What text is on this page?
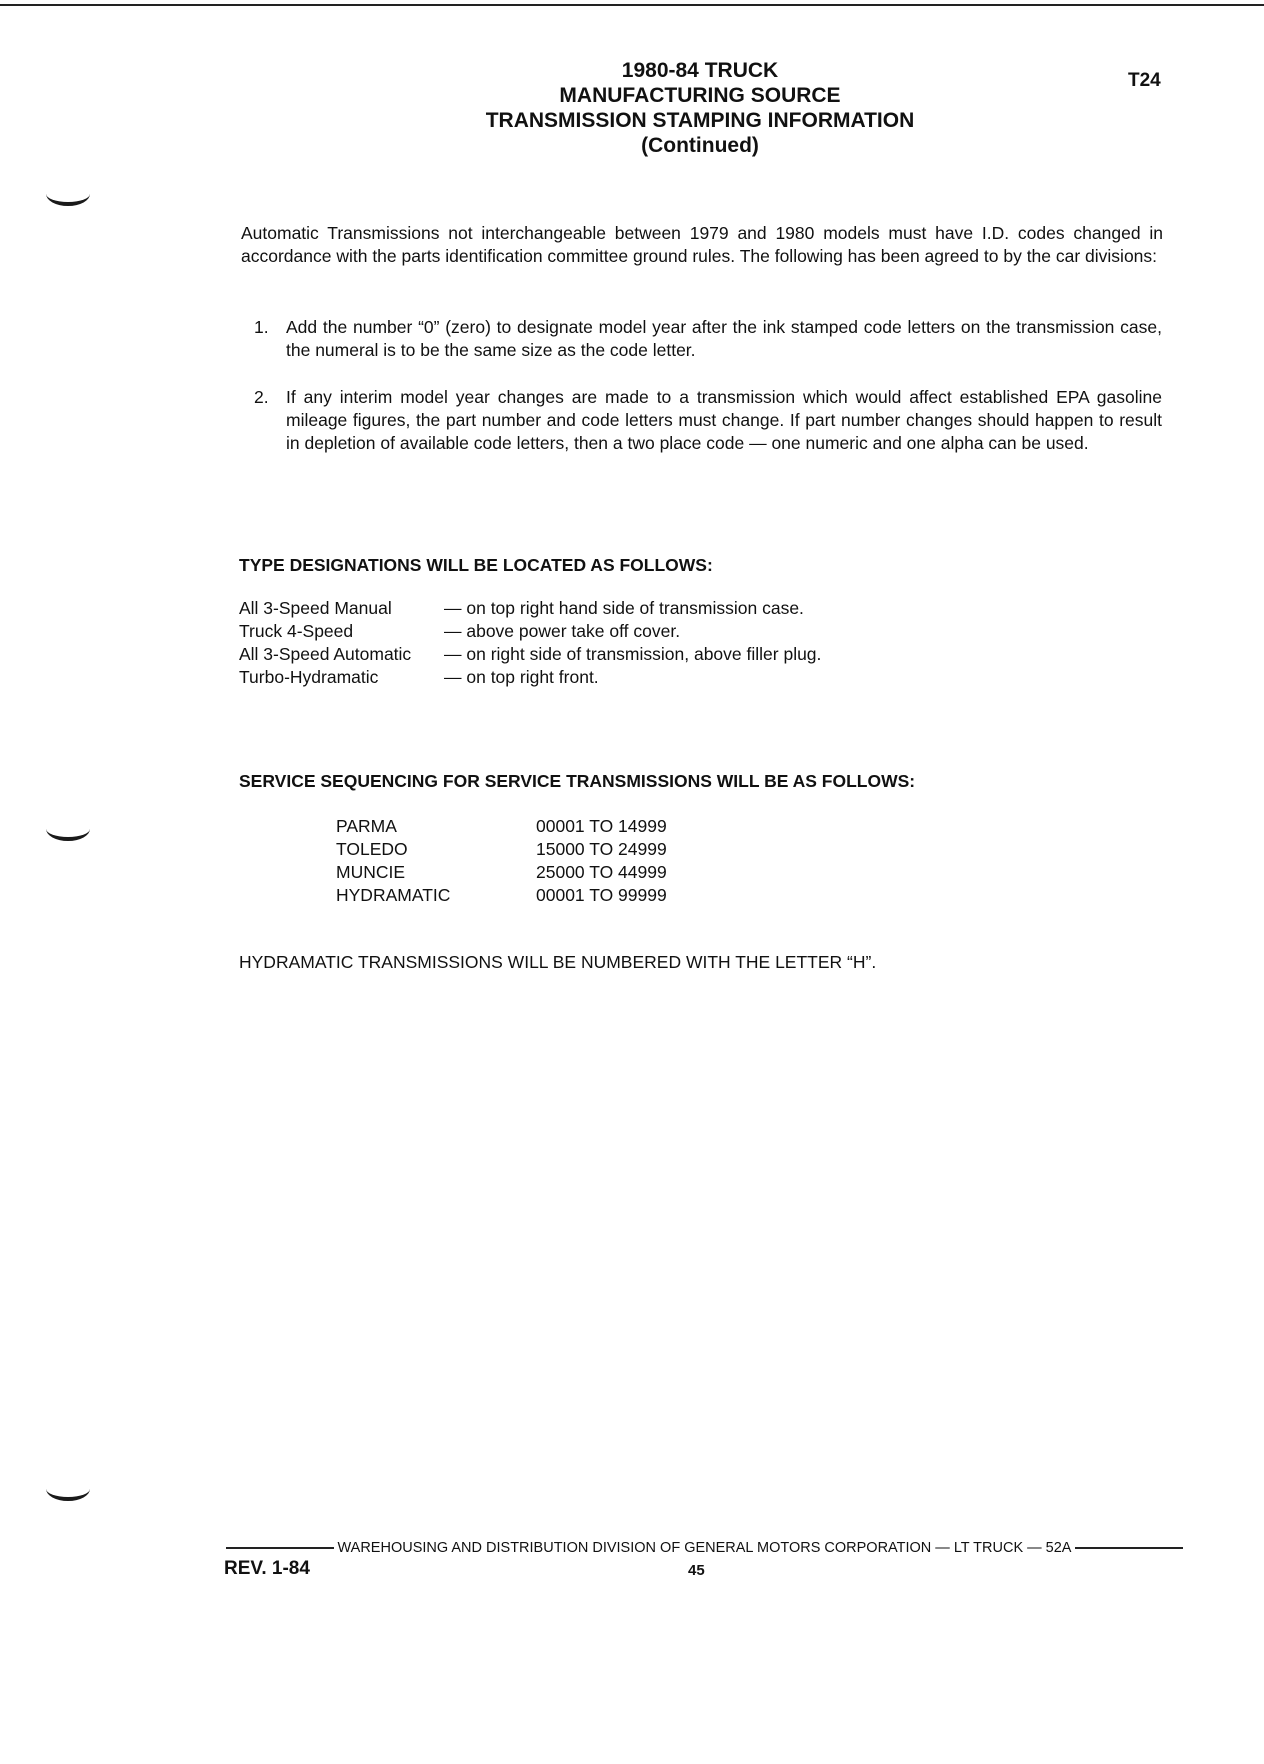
1980-84 TRUCK
MANUFACTURING SOURCE
TRANSMISSION STAMPING INFORMATION
(Continued)
T24

Automatic Transmissions not interchangeable between 1979 and 1980 models must have I.D. codes changed in accordance with the parts identification committee ground rules. The following has been agreed to by the car divisions:

1. Add the number “0” (zero) to designate model year after the ink stamped code letters on the transmission case, the numeral is to be the same size as the code letter.
2. If any interim model year changes are made to a transmission which would affect established EPA gasoline mileage figures, the part number and code letters must change. If part number changes should happen to result in depletion of available code letters, then a two place code — one numeric and one alpha can be used.

TYPE DESIGNATIONS WILL BE LOCATED AS FOLLOWS:

All 3-Speed Manual	— on top right hand side of transmission case.
Truck 4-Speed	— above power take off cover.
All 3-Speed Automatic — on right side of transmission, above filler plug.
Turbo-Hydramatic	— on top right front.

SERVICE SEQUENCING FOR SERVICE TRANSMISSIONS WILL BE AS FOLLOWS:

PARMA	00001 TO 14999
TOLEDO	15000 TO 24999
MUNCIE	25000 TO 44999
HYDRAMATIC	00001 TO 99999

HYDRAMATIC TRANSMISSIONS WILL BE NUMBERED WITH THE LETTER “H”.

WAREHOUSING AND DISTRIBUTION DIVISION OF GENERAL MOTORS CORPORATION — LT TRUCK — 52A
REV. 1-84	45
